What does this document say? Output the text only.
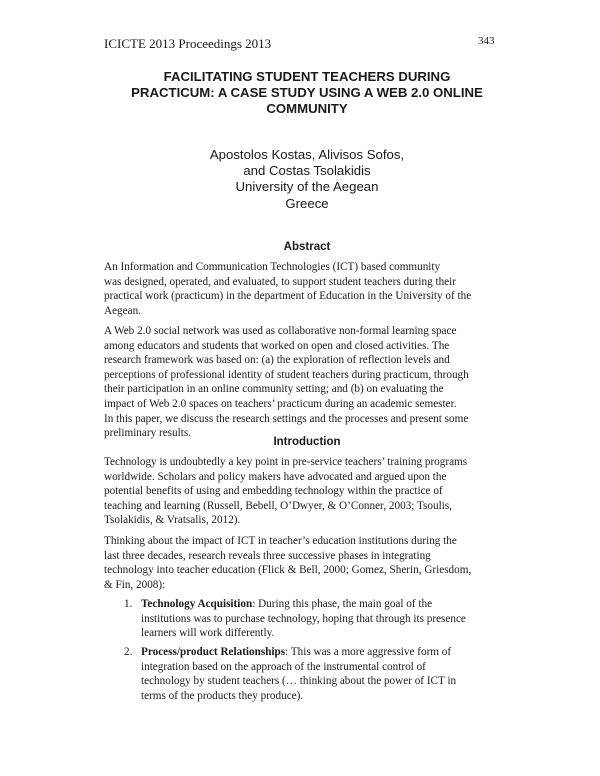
ICICTE 2013 Proceedings 2013	343
FACILITATING STUDENT TEACHERS DURING
PRACTICUM: A CASE STUDY USING A WEB 2.0 ONLINE
COMMUNITY
Apostolos Kostas, Alivisos Sofos,
and Costas Tsolakidis
University of the Aegean
Greece
Abstract
An Information and Communication Technologies (ICT) based community
was designed, operated, and evaluated, to support student teachers during their
practical work (practicum) in the department of Education in the University of the
Aegean.
A Web 2.0 social network was used as collaborative non-formal learning space
among educators and students that worked on open and closed activities. The
research framework was based on: (a) the exploration of reflection levels and
perceptions of professional identity of student teachers during practicum, through
their participation in an online community setting; and (b) on evaluating the
impact of Web 2.0 spaces on teachers’ practicum during an academic semester.
In this paper, we discuss the research settings and the processes and present some
preliminary results.
Introduction
Technology is undoubtedly a key point in pre-service teachers’ training programs
worldwide. Scholars and policy makers have advocated and argued upon the
potential benefits of using and embedding technology within the practice of
teaching and learning (Russell, Bebell, O’Dwyer, & O’Conner, 2003; Tsoulis,
Tsolakidis, & Vratsalis, 2012).
Thinking about the impact of ICT in teacher’s education institutions during the
last three decades, research reveals three successive phases in integrating
technology into teacher education (Flick & Bell, 2000; Gomez, Sherin, Griesdom,
& Fin, 2008):
1. Technology Acquisition: During this phase, the main goal of the
institutions was to purchase technology, hoping that through its presence
learners will work differently.
2. Process/product Relationships: This was a more aggressive form of
integration based on the approach of the instrumental control of
technology by student teachers (… thinking about the power of ICT in
terms of the products they produce).
